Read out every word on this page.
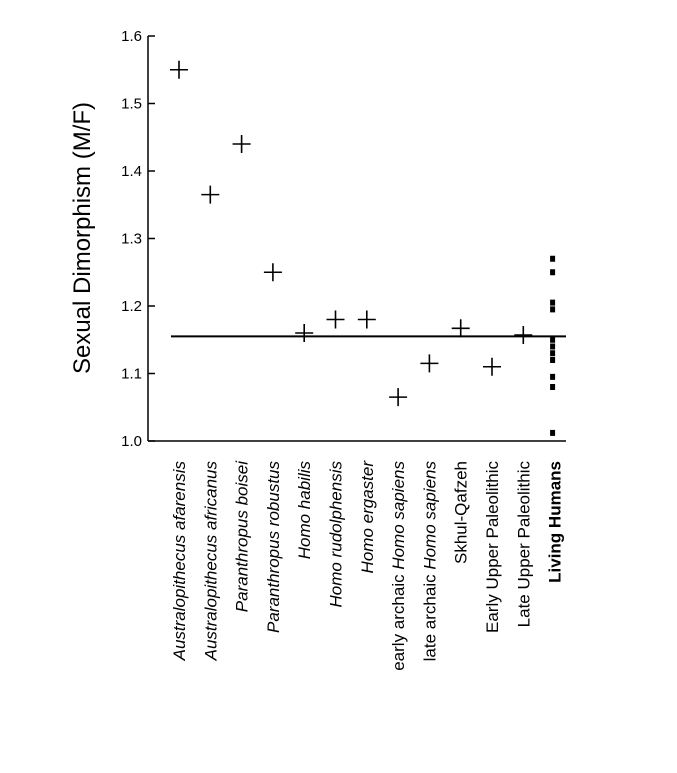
Sexual Dimorphism (M/F)
1.0
1.1
1.2
1.3
1.4
1.5
1.6
Australopithecus afarensis Australopithecus africanus Paranthropus boisei Paranthropus robustus Homo habilis Homo rudolphensis Homo ergaster
early archaic Homo sapiens
late archaic Homo sapiens Skhul-Qafzeh Early Upper Paleolithic Late Upper Paleolithic Living Humans
